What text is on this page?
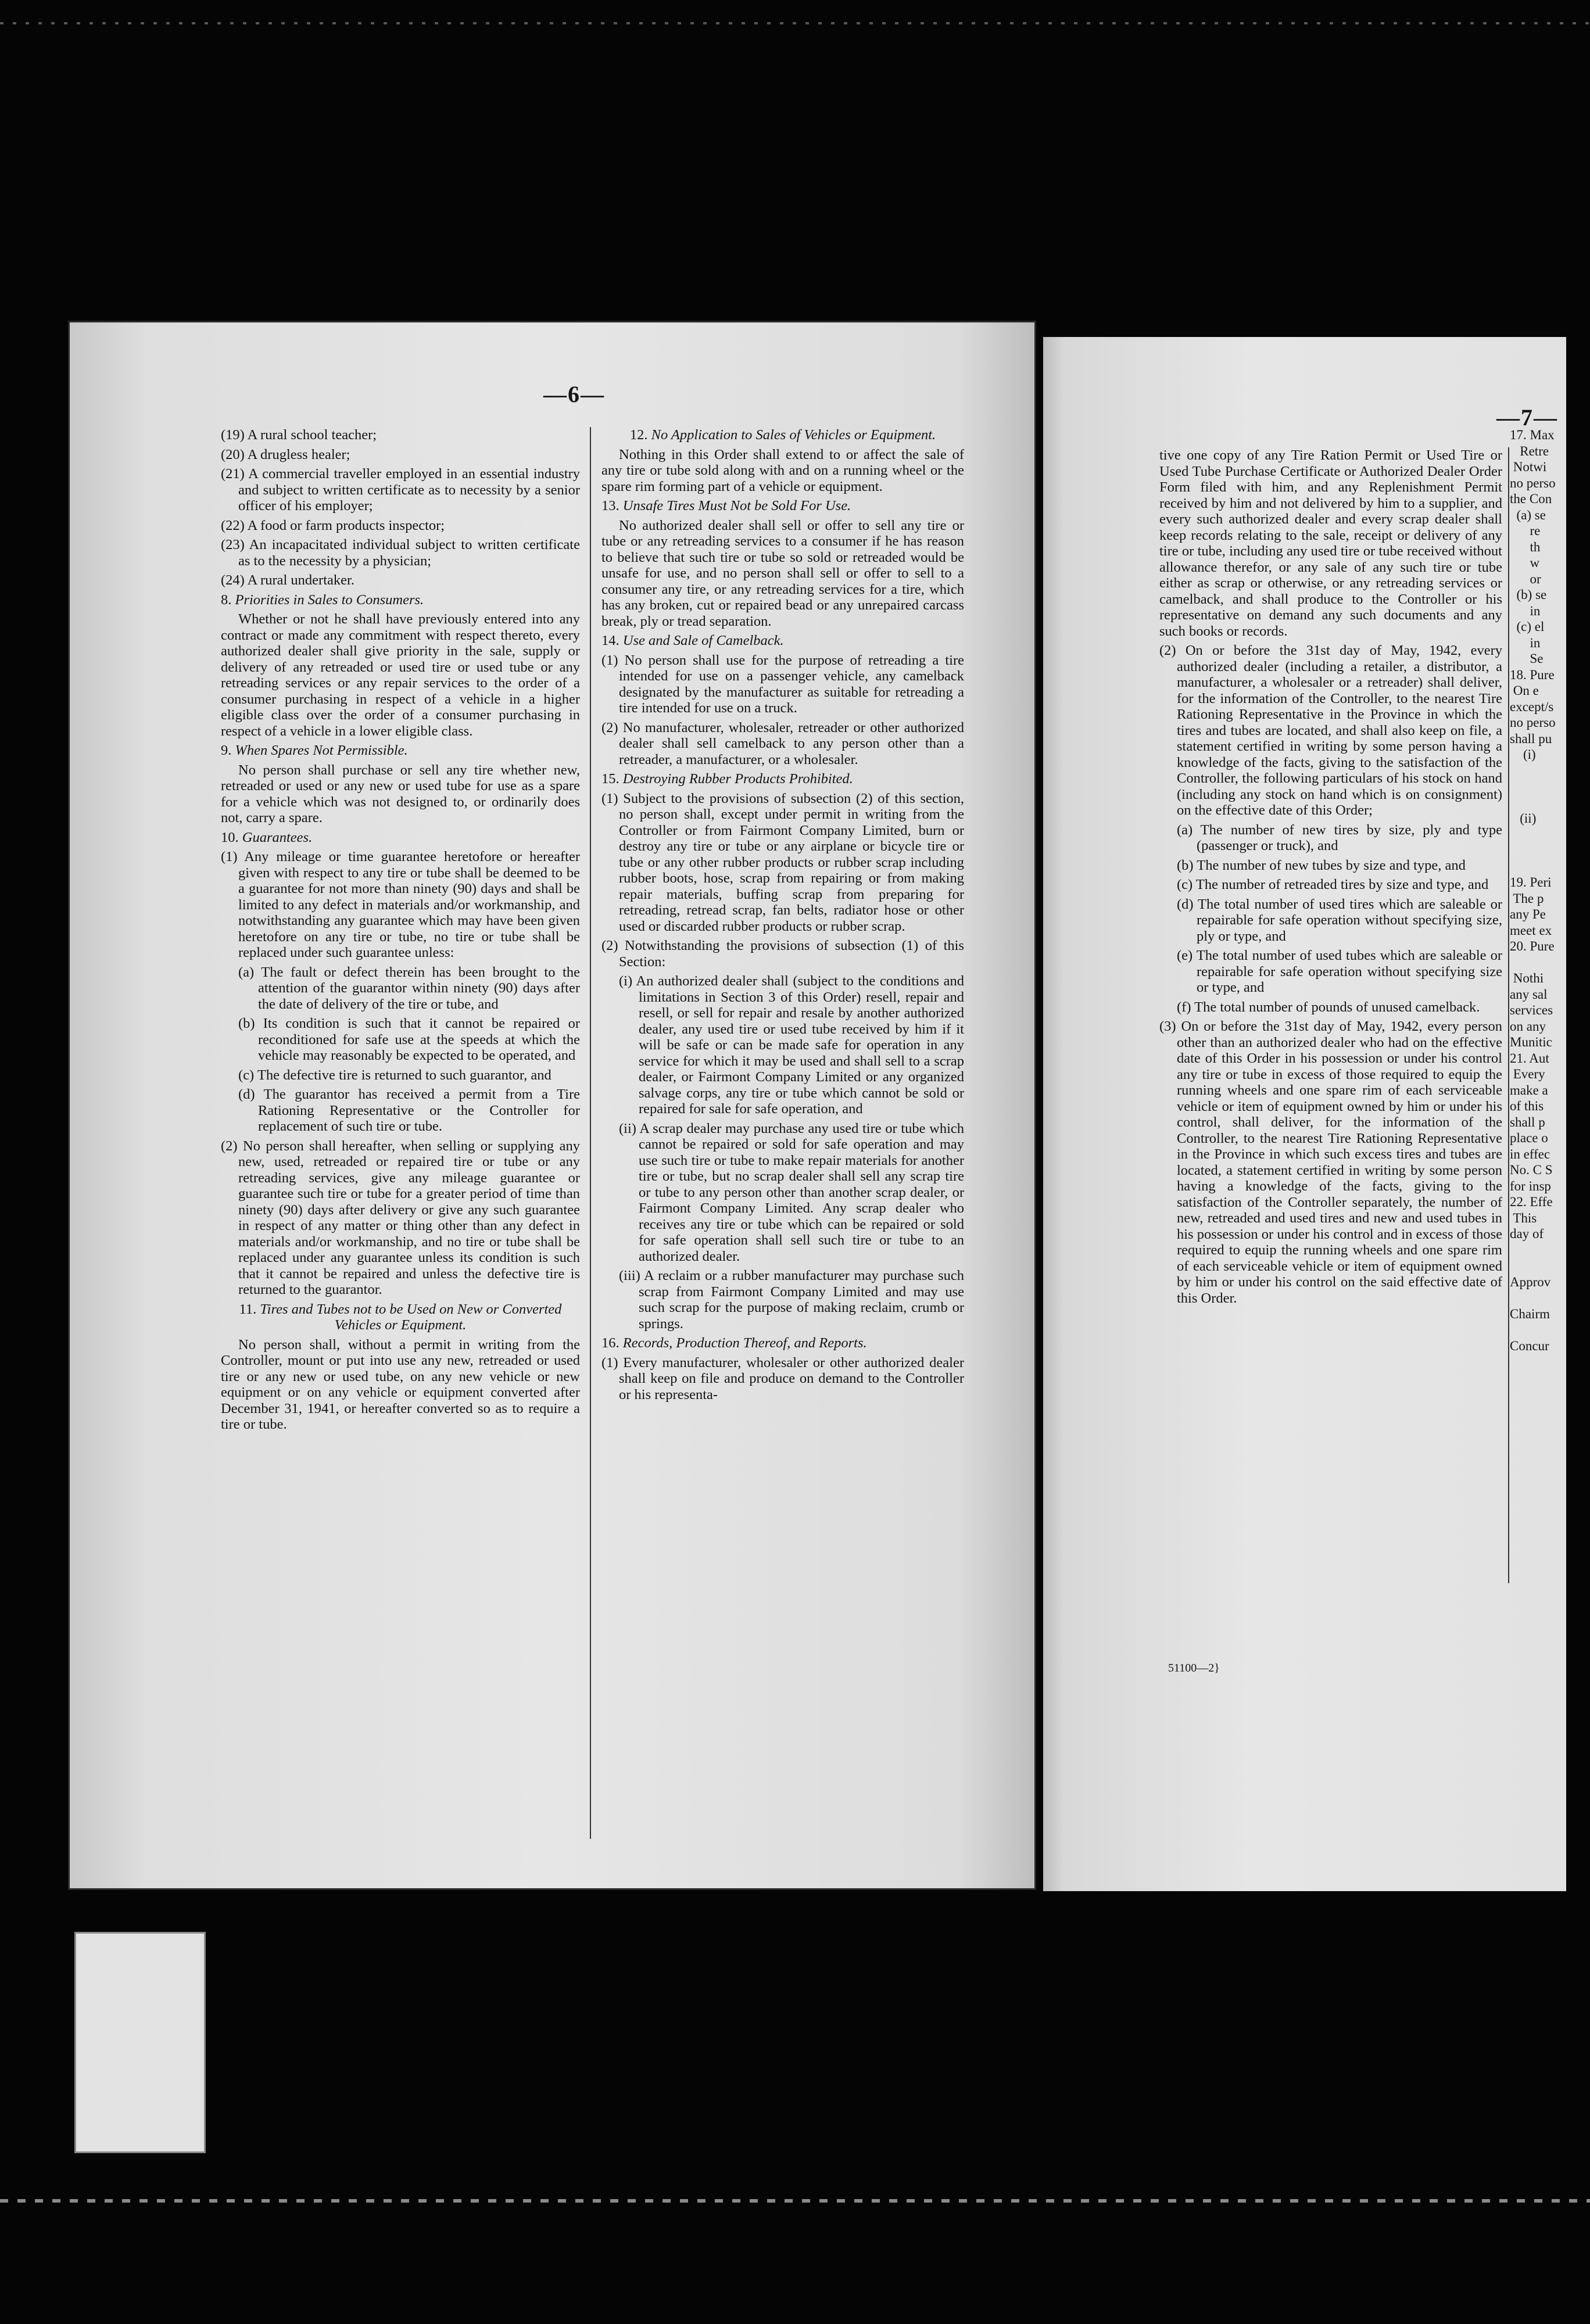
—6—

(19) A rural school teacher;

(20) A drugless healer;

(21) A commercial traveller employed in an essential industry and subject to written certificate as to necessity by a senior officer of his employer;

(22) A food or farm products inspector;

(23) An incapacitated individual subject to written certificate as to the necessity by a physician;

(24) A rural undertaker.

8. Priorities in Sales to Consumers.

Whether or not he shall have previously entered into any contract or made any commitment with respect thereto, every authorized dealer shall give priority in the sale, supply or delivery of any retreaded or used tire or used tube or any retreading services or any repair services to the order of a consumer purchasing in respect of a vehicle in a higher eligible class over the order of a consumer purchasing in respect of a vehicle in a lower eligible class.

9. When Spares Not Permissible.

No person shall purchase or sell any tire whether new, retreaded or used or any new or used tube for use as a spare for a vehicle which was not designed to, or ordinarily does not, carry a spare.

10. Guarantees.

(1) Any mileage or time guarantee heretofore or hereafter given with respect to any tire or tube shall be deemed to be a guarantee for not more than ninety (90) days and shall be limited to any defect in materials and/or workmanship, and notwithstanding any guarantee which may have been given heretofore on any tire or tube, no tire or tube shall be replaced under such guarantee unless:

(a) The fault or defect therein has been brought to the attention of the guarantor within ninety (90) days after the date of delivery of the tire or tube, and

(b) Its condition is such that it cannot be repaired or reconditioned for safe use at the speeds at which the vehicle may reasonably be expected to be operated, and

(c) The defective tire is returned to such guarantor, and

(d) The guarantor has received a permit from a Tire Rationing Representative or the Controller for replacement of such tire or tube.

(2) No person shall hereafter, when selling or supplying any new, used, retreaded or repaired tire or tube or any retreading services, give any mileage guarantee or guarantee such tire or tube for a greater period of time than ninety (90) days after delivery or give any such guarantee in respect of any matter or thing other than any defect in materials and/or workmanship, and no tire or tube shall be replaced under any guarantee unless its condition is such that it cannot be repaired and unless the defective tire is returned to the guarantor.

11. Tires and Tubes not to be Used on New or Converted Vehicles or Equipment.

No person shall, without a permit in writing from the Controller, mount or put into use any new, retreaded or used tire or any new or used tube, on any new vehicle or new equipment or on any vehicle or equipment converted after December 31, 1941, or hereafter converted so as to require a tire or tube.

12. No Application to Sales of Vehicles or Equipment.

Nothing in this Order shall extend to or affect the sale of any tire or tube sold along with and on a running wheel or the spare rim forming part of a vehicle or equipment.

13. Unsafe Tires Must Not be Sold For Use.

No authorized dealer shall sell or offer to sell any tire or tube or any retreading services to a consumer if he has reason to believe that such tire or tube so sold or retreaded would be unsafe for use, and no person shall sell or offer to sell to a consumer any tire, or any retreading services for a tire, which has any broken, cut or repaired bead or any unrepaired carcass break, ply or tread separation.

14. Use and Sale of Camelback.

(1) No person shall use for the purpose of retreading a tire intended for use on a passenger vehicle, any camelback designated by the manufacturer as suitable for retreading a tire intended for use on a truck.

(2) No manufacturer, wholesaler, retreader or other authorized dealer shall sell camelback to any person other than a retreader, a manufacturer, or a wholesaler.

15. Destroying Rubber Products Prohibited.

(1) Subject to the provisions of subsection (2) of this section, no person shall, except under permit in writing from the Controller or from Fairmont Company Limited, burn or destroy any tire or tube or any airplane or bicycle tire or tube or any other rubber products or rubber scrap including rubber boots, hose, scrap from repairing or from making repair materials, buffing scrap from preparing for retreading, retread scrap, fan belts, radiator hose or other used or discarded rubber products or rubber scrap.

(2) Notwithstanding the provisions of subsection (1) of this Section:

(i) An authorized dealer shall (subject to the conditions and limitations in Section 3 of this Order) resell, repair and resell, or sell for repair and resale by another authorized dealer, any used tire or used tube received by him if it will be safe or can be made safe for operation in any service for which it may be used and shall sell to a scrap dealer, or Fairmont Company Limited or any organized salvage corps, any tire or tube which cannot be sold or repaired for sale for safe operation, and

(ii) A scrap dealer may purchase any used tire or tube which cannot be repaired or sold for safe operation and may use such tire or tube to make repair materials for another tire or tube, but no scrap dealer shall sell any scrap tire or tube to any person other than another scrap dealer, or Fairmont Company Limited. Any scrap dealer who receives any tire or tube which can be repaired or sold for safe operation shall sell such tire or tube to an authorized dealer.

(iii) A reclaim or a rubber manufacturer may purchase such scrap from Fairmont Company Limited and may use such scrap for the purpose of making reclaim, crumb or springs.

16. Records, Production Thereof, and Reports.

(1) Every manufacturer, wholesaler or other authorized dealer shall keep on file and produce on demand to the Controller or his representa-

—7—

tive one copy of any Tire Ration Permit or Used Tire or Used Tube Purchase Certificate or Authorized Dealer Order Form filed with him, and any Replenishment Permit received by him and not delivered by him to a supplier, and every such authorized dealer and every scrap dealer shall keep records relating to the sale, receipt or delivery of any tire or tube, including any used tire or tube received without allowance therefor, or any sale of any such tire or tube either as scrap or otherwise, or any retreading services or camelback, and shall produce to the Controller or his representative on demand any such documents and any such books or records.

(2) On or before the 31st day of May, 1942, every authorized dealer (including a retailer, a distributor, a manufacturer, a wholesaler or a retreader) shall deliver, for the information of the Controller, to the nearest Tire Rationing Representative in the Province in which the tires and tubes are located, and shall also keep on file, a statement certified in writing by some person having a knowledge of the facts, giving to the satisfaction of the Controller, the following particulars of his stock on hand (including any stock on hand which is on consignment) on the effective date of this Order;

(a) The number of new tires by size, ply and type (passenger or truck), and

(b) The number of new tubes by size and type, and

(c) The number of retreaded tires by size and type, and

(d) The total number of used tires which are saleable or repairable for safe operation without specifying size, ply or type, and

(e) The total number of used tubes which are saleable or repairable for safe operation without specifying size or type, and

(f) The total number of pounds of unused camelback.

(3) On or before the 31st day of May, 1942, every person other than an authorized dealer who had on the effective date of this Order in his possession or under his control any tire or tube in excess of those required to equip the running wheels and one spare rim of each serviceable vehicle or item of equipment owned by him or under his control, shall deliver, for the information of the Controller, to the nearest Tire Rationing Representative in the Province in which such excess tires and tubes are located, a statement certified in writing by some person having a knowledge of the facts, giving to the satisfaction of the Controller separately, the number of new, retreaded and used tires and new and used tubes in his possession or under his control and in excess of those required to equip the running wheels and one spare rim of each serviceable vehicle or item of equipment owned by him or under his control on the said effective date of this Order.

51100—2}
17. Max
Retre
Notwi
no perso
the Con
(a) se
re
th
w
or
(b) se
in
(c) el
in
Se
18. Pure
On e
except/s
no perso
shall pu
(i)

(ii)

19. Peri
The p
any Pe
meet ex
20. Pure

Nothi
any sal
services
on any
Munitic
21. Aut
Every
make a
of this
shall p
place o
in effec
No. C S
for insp
22. Effe
This
day of

Approv

Chairm

Concur
